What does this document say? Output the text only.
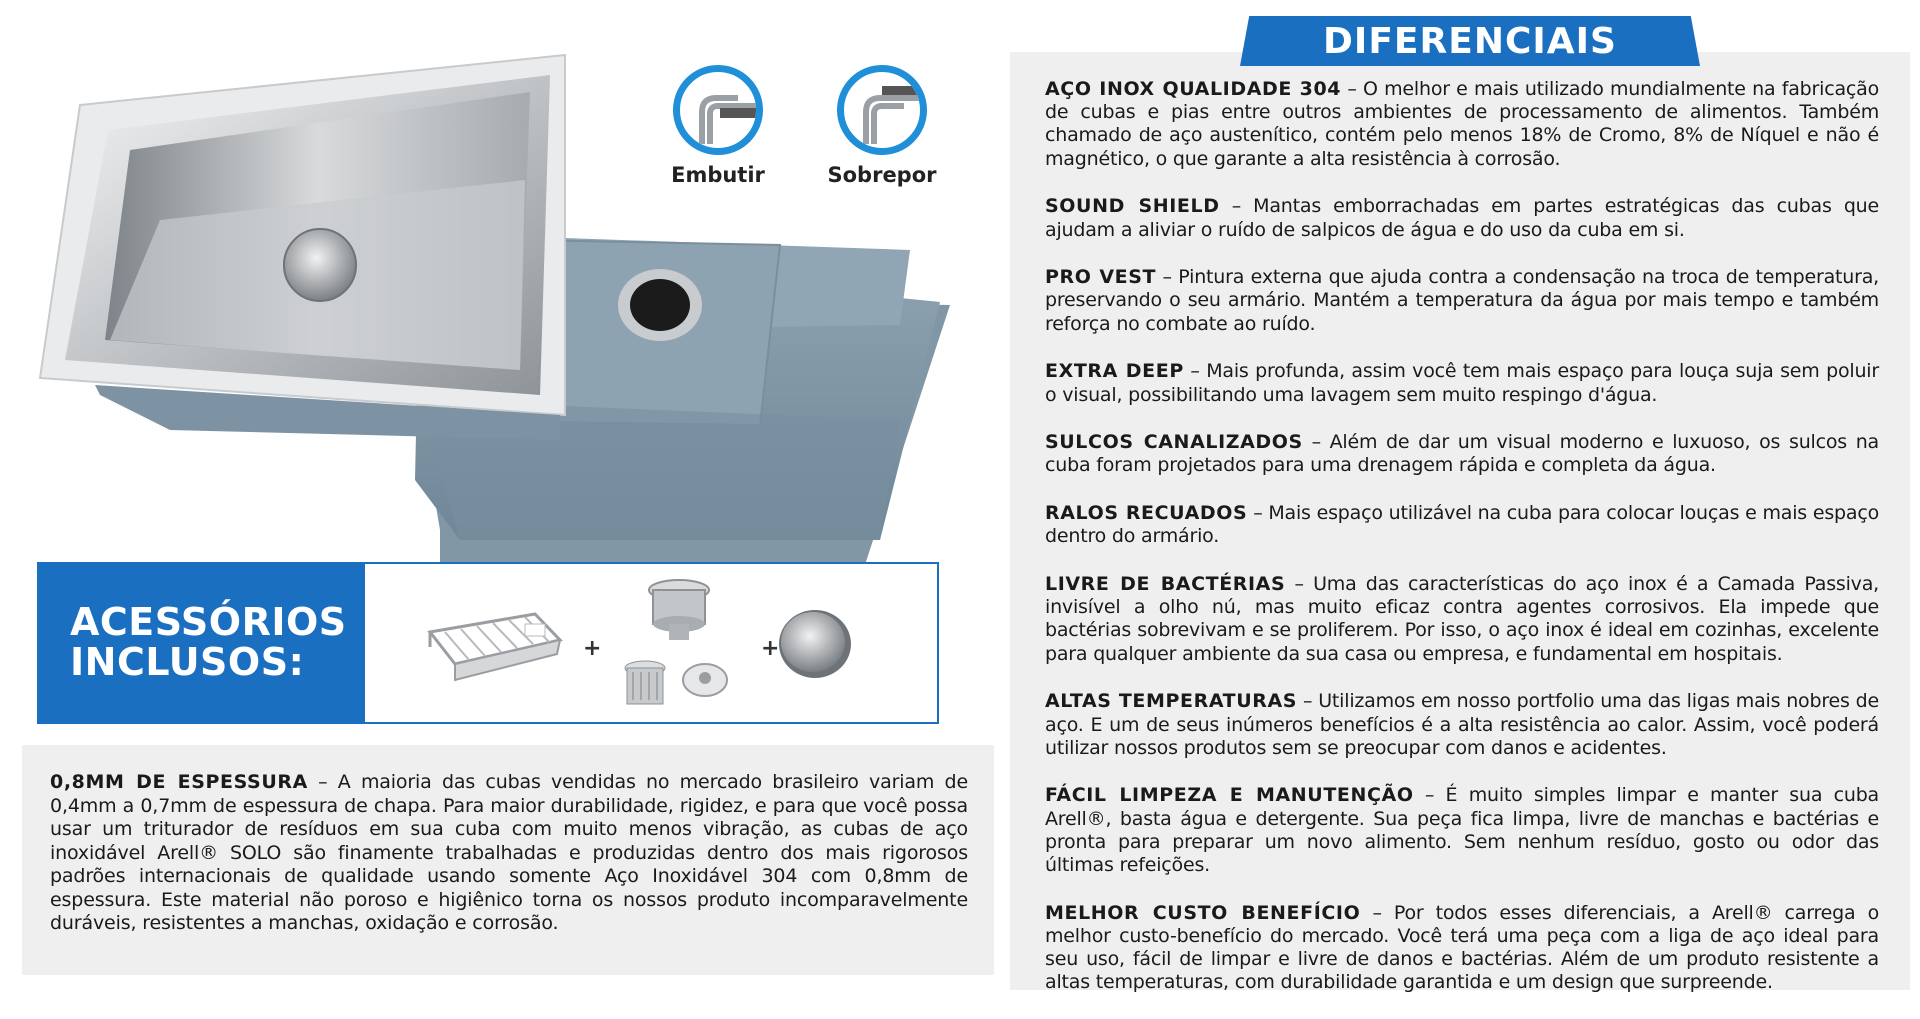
Embutir	Sobrepor
ACESSÓRIOS
INCLUSOS:	+	+

0,8MM DE ESPESSURA – A maioria das cubas vendidas no mercado brasileiro variam de 0,4mm a 0,7mm de espessura de chapa. Para maior durabilidade, rigidez, e para que você possa usar um triturador de resíduos em sua cuba com muito menos vibração, as cubas de aço inoxidável Arell® SOLO são finamente trabalhadas e produzidas dentro dos mais rigorosos padrões internacionais de qualidade usando somente Aço Inoxidável 304 com 0,8mm de espessura. Este material não poroso e higiênico torna os nossos produto incomparavelmente duráveis, resistentes a manchas, oxidação e corrosão.

DIFERENCIAIS

AÇO INOX QUALIDADE 304 – O melhor e mais utilizado mundialmente na fabricação de cubas e pias entre outros ambientes de processamento de alimentos. Também chamado de aço austenítico, contém pelo menos 18% de Cromo, 8% de Níquel e não é magnético, o que garante a alta resistência à corrosão.

SOUND SHIELD – Mantas emborrachadas em partes estratégicas das cubas que ajudam a aliviar o ruído de salpicos de água e do uso da cuba em si.

PRO VEST – Pintura externa que ajuda contra a condensação na troca de temperatura, preservando o seu armário. Mantém a temperatura da água por mais tempo e também reforça no combate ao ruído.

EXTRA DEEP – Mais profunda, assim você tem mais espaço para louça suja sem poluir o visual, possibilitando uma lavagem sem muito respingo d'água.

SULCOS CANALIZADOS – Além de dar um visual moderno e luxuoso, os sulcos na cuba foram projetados para uma drenagem rápida e completa da água.

RALOS RECUADOS – Mais espaço utilizável na cuba para colocar louças e mais espaço dentro do armário.

LIVRE DE BACTÉRIAS – Uma das características do aço inox é a Camada Passiva, invisível a olho nú, mas muito eficaz contra agentes corrosivos. Ela impede que bactérias sobrevivam e se proliferem. Por isso, o aço inox é ideal em cozinhas, excelente para qualquer ambiente da sua casa ou empresa, e fundamental em hospitais.

ALTAS TEMPERATURAS – Utilizamos em nosso portfolio uma das ligas mais nobres de aço. E um de seus inúmeros benefícios é a alta resistência ao calor. Assim, você poderá utilizar nossos produtos sem se preocupar com danos e acidentes.

FÁCIL LIMPEZA E MANUTENÇÃO – É muito simples limpar e manter sua cuba Arell®, basta água e detergente. Sua peça fica limpa, livre de manchas e bactérias e pronta para preparar um novo alimento. Sem nenhum resíduo, gosto ou odor das últimas refeições.

MELHOR CUSTO BENEFÍCIO – Por todos esses diferenciais, a Arell® carrega o melhor custo-benefício do mercado. Você terá uma peça com a liga de aço ideal para seu uso, fácil de limpar e livre de danos e bactérias. Além de um produto resistente a altas temperaturas, com durabilidade garantida e um design que surpreende.
